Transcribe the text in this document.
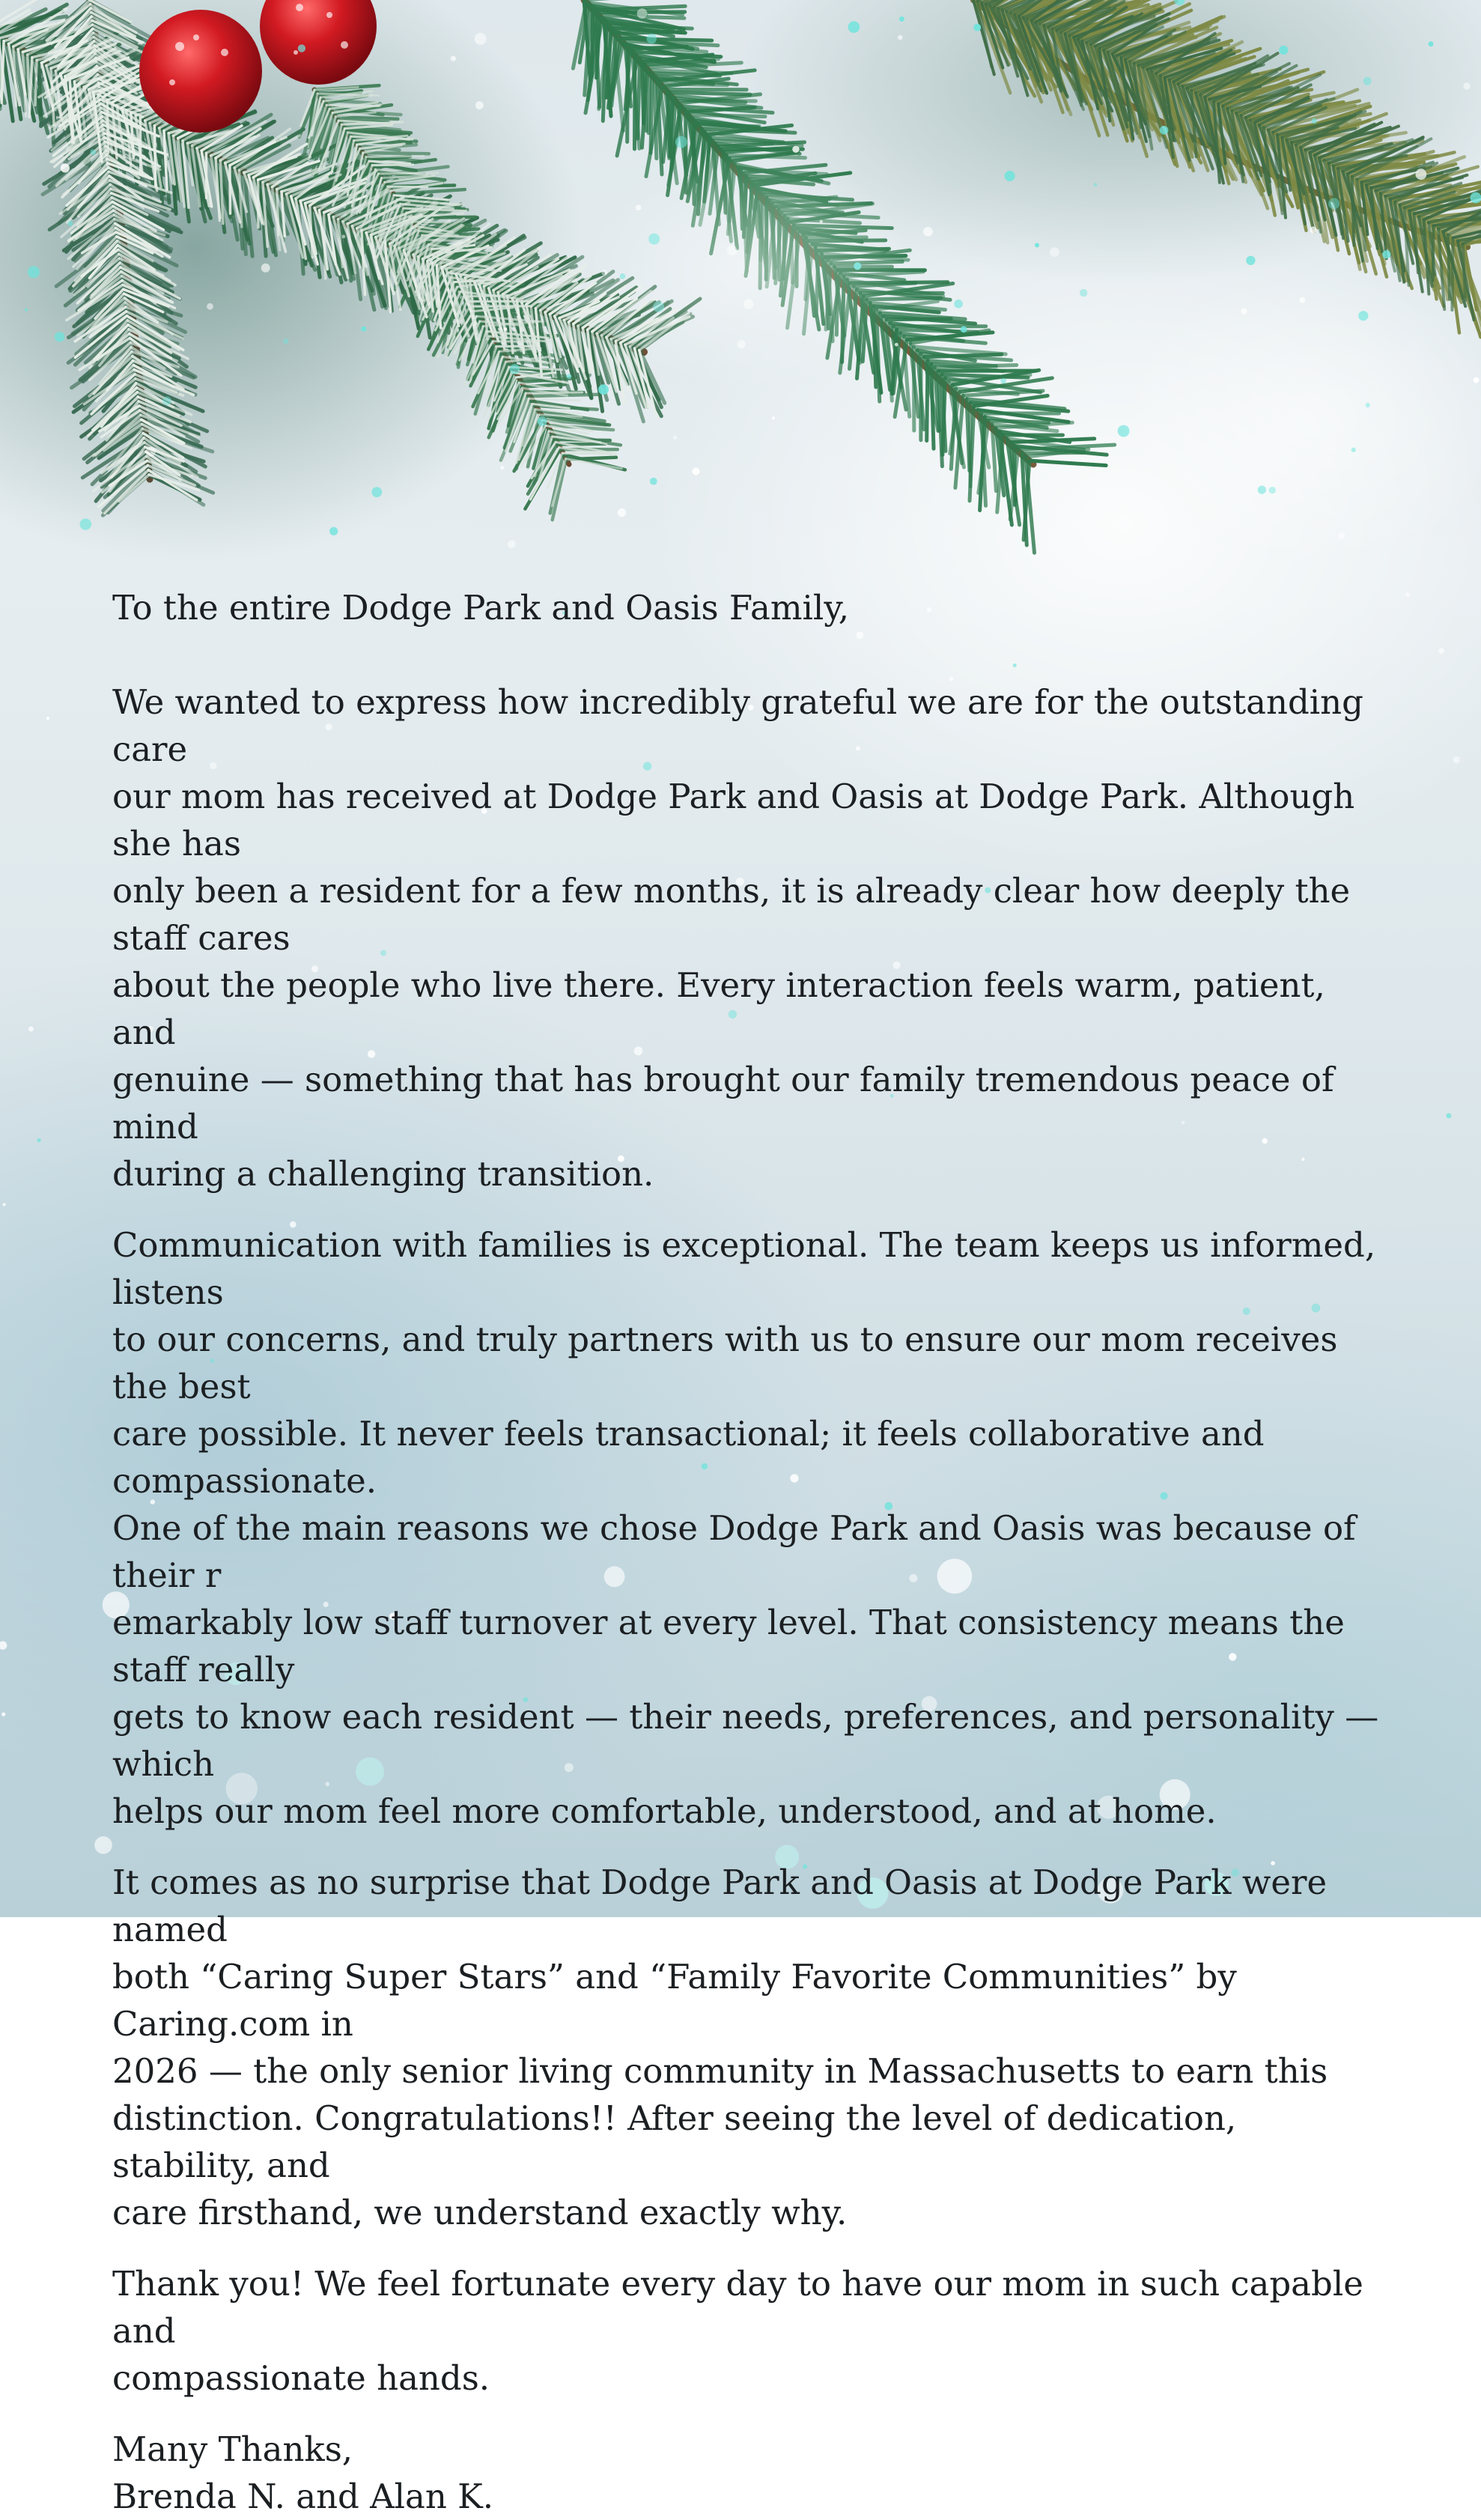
To the entire Dodge Park and Oasis Family,

We wanted to express how incredibly grateful we are for the outstanding care
our mom has received at Dodge Park and Oasis at Dodge Park. Although she has
only been a resident for a few months, it is already clear how deeply the staff cares
about the people who live there. Every interaction feels warm, patient, and
genuine — something that has brought our family tremendous peace of mind
during a challenging transition.

Communication with families is exceptional. The team keeps us informed, listens
to our concerns, and truly partners with us to ensure our mom receives the best
care possible. It never feels transactional; it feels collaborative and compassionate.
One of the main reasons we chose Dodge Park and Oasis was because of their r
emarkably low staff turnover at every level. That consistency means the staff really
gets to know each resident — their needs, preferences, and personality — which
helps our mom feel more comfortable, understood, and at home.

It comes as no surprise that Dodge Park and Oasis at Dodge Park were named
both “Caring Super Stars” and “Family Favorite Communities” by Caring.com in
2026 — the only senior living community in Massachusetts to earn this
distinction. Congratulations!! After seeing the level of dedication, stability, and
care firsthand, we understand exactly why.

Thank you! We feel fortunate every day to have our mom in such capable and
compassionate hands.

Many Thanks,

Brenda N. and Alan K.
